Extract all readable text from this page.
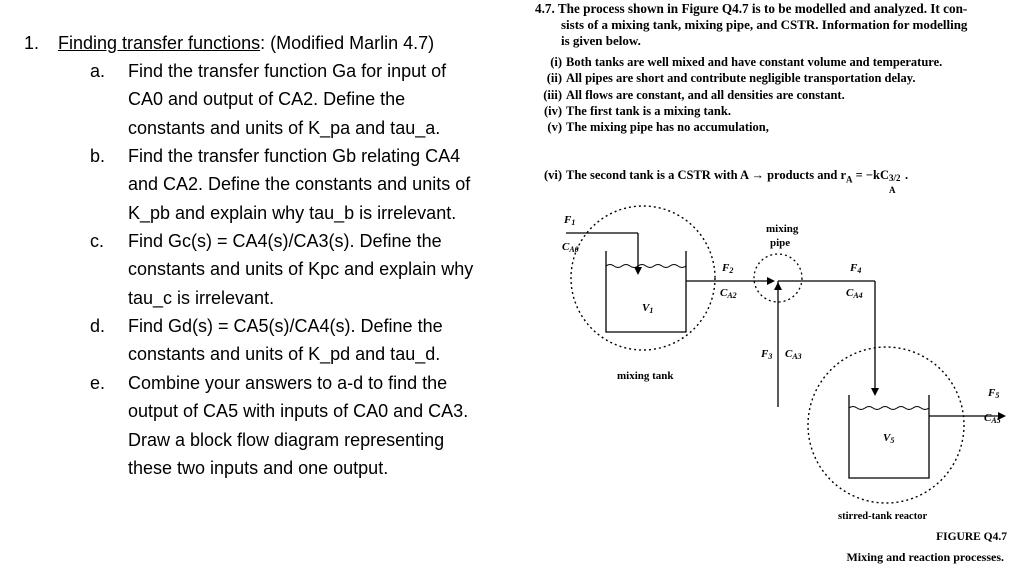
1. Finding transfer functions: (Modified Marlin 4.7)
a. Find the transfer function Ga for input of
CA0 and output of CA2. Define the
constants and units of K_pa and tau_a.
b. Find the transfer function Gb relating CA4
and CA2. Define the constants and units of
K_pb and explain why tau_b is irrelevant.
c. Find Gc(s) = CA4(s)/CA3(s). Define the
constants and units of Kpc and explain why
tau_c is irrelevant.
d. Find Gd(s) = CA5(s)/CA4(s). Define the
constants and units of K_pd and tau_d.
e. Combine your answers to a-d to find the
output of CA5 with inputs of CA0 and CA3.
Draw a block flow diagram representing
these two inputs and one output.
4.7. The process shown in Figure Q4.7 is to be modelled and analyzed. It con-
sists of a mixing tank, mixing pipe, and CSTR. Information for modelling
is given below.
(i) Both tanks are well mixed and have constant volume and temperature.
(ii) All pipes are short and contribute negligible transportation delay.
(iii) All flows are constant, and all densities are constant.
(iv) The first tank is a mixing tank.
(v) The mixing pipe has no accumulation,
(vi) The second tank is a CSTR with A → products and $r_A = -kC$ 3/2
A
.
F1
CA0
F2
CA2
mixing
pipe
F4
CA4
V1
F3 CA3
mixing tank
F5
CA5
V5
stirred-tank reactor
FIGURE Q4.7
Mixing and reaction processes.
